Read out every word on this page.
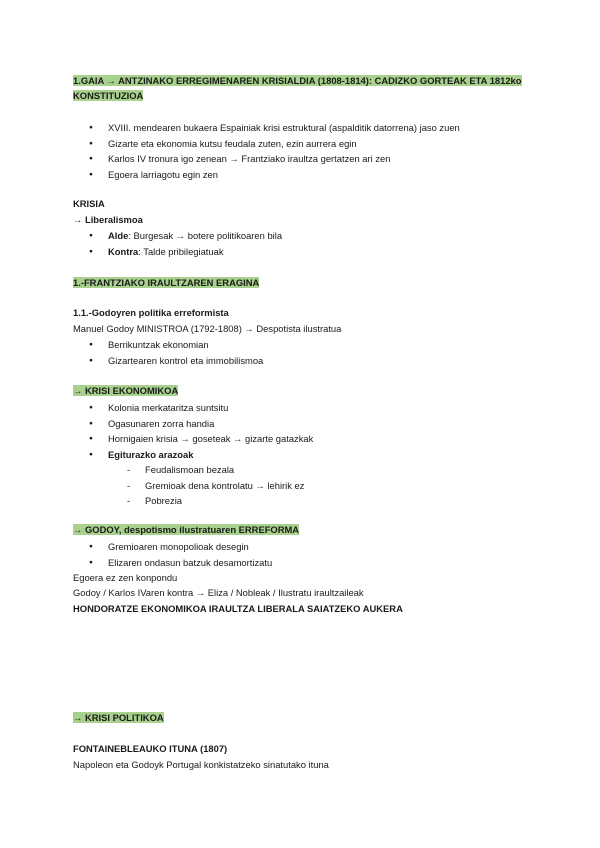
1.GAIA → ANTZINAKO ERREGIMENAREN KRISIALDIA (1808-1814): CADIZKO GORTEAK ETA 1812ko KONSTITUZIOA
● XVIII. mendearen bukaera Espainiak krisi estruktural (aspalditik datorrena) jaso zuen
● Gizarte eta ekonomia kutsu feudala zuten, ezin aurrera egin
● Karlos IV tronura igo zenean → Frantziako iraultza gertatzen ari zen
● Egoera larriagotu egin zen
KRISIA
→ Liberalismoa
● Alde: Burgesak → botere politikoaren bila
● Kontra: Talde pribilegiatuak
1.-FRANTZIAKO IRAULTZAREN ERAGINA
1.1.-Godoyren politika erreformista
Manuel Godoy MINISTROA (1792-1808) → Despotista ilustratua
● Berrikuntzak ekonomian
● Gizartearen kontrol eta immobilismoa
→ KRISI EKONOMIKOA
● Kolonia merkataritza suntsitu
● Ogasunaren zorra handia
● Hornigaien krisia → goseteak → gizarte gatazkak
● Egiturazko arazoak
- Feudalismoan bezala
- Gremioak dena kontrolatu → lehirik ez
- Pobrezia
→ GODOY, despotismo ilustratuaren ERREFORMA
● Gremioaren monopolioak desegin
● Elizaren ondasun batzuk desamortizatu
Egoera ez zen konpondu
Godoy / Karlos IVaren kontra → Eliza / Nobleak / Ilustratu iraultzaileak
HONDORATZE EKONOMIKOA IRAULTZA LIBERALA SAIATZEKO AUKERA
→ KRISI POLITIKOA
FONTAINEBLEAUKO ITUNA (1807)
Napoleon eta Godoyk Portugal konkistatzeko sinatutako ituna
